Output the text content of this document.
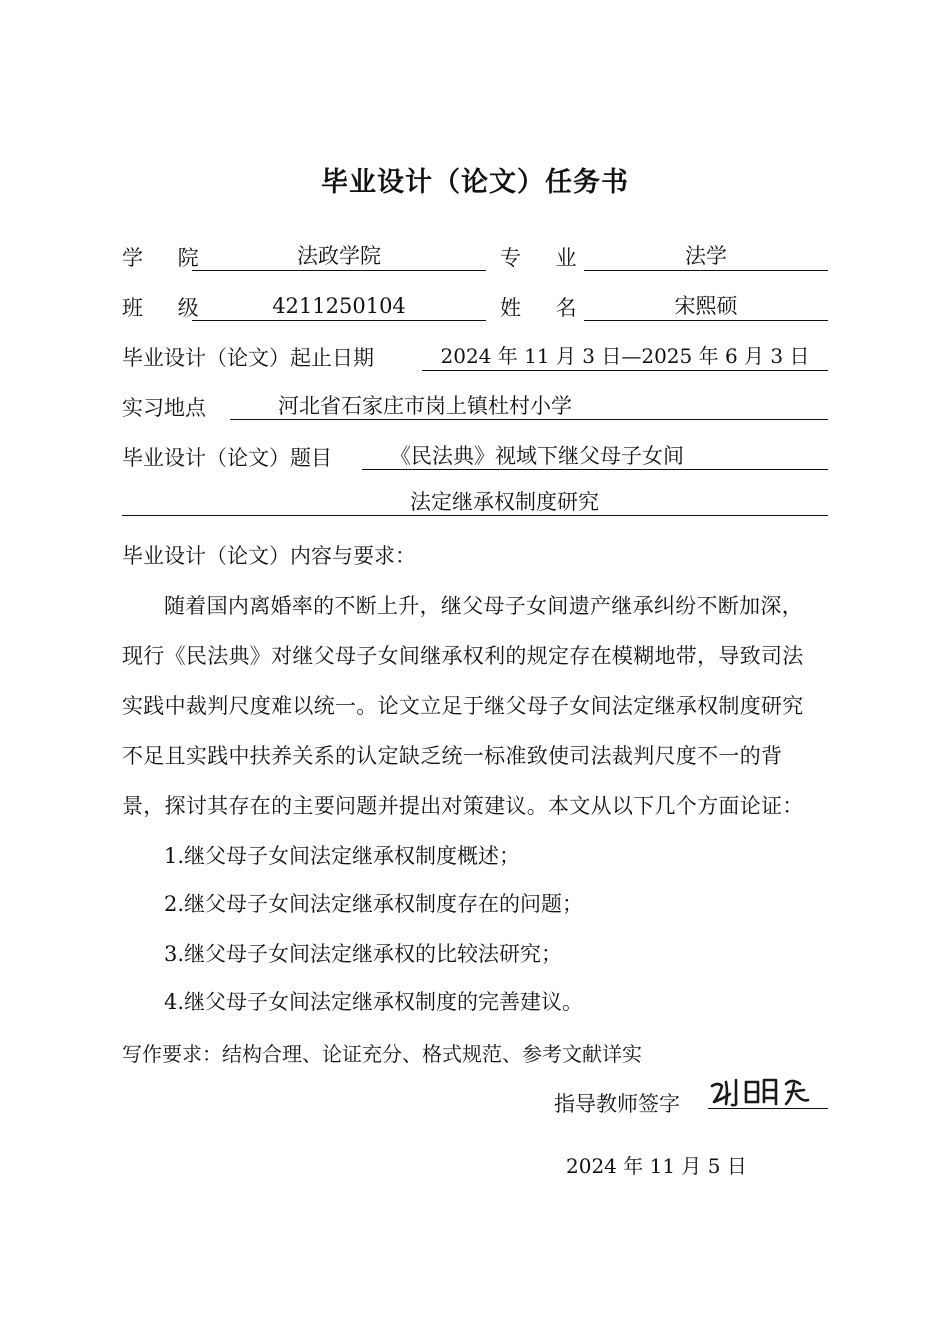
毕业设计（论文）任务书
学 院	法政学院	专 业	法学
班 级	4211250104	姓 名	宋熙硕
毕业设计（论文）起止日期	2024 年 11 月 3 日—2025 年 6 月 3 日
实习地点	河北省石家庄市岗上镇杜村小学
毕业设计（论文）题目	《民法典》视域下继父母子女间
法定继承权制度研究
毕业设计（论文）内容与要求：
随着国内离婚率的不断上升，继父母子女间遗产继承纠纷不断加深，
现行《民法典》对继父母子女间继承权利的规定存在模糊地带，导致司法
实践中裁判尺度难以统一。论文立足于继父母子女间法定继承权制度研究
不足且实践中扶养关系的认定缺乏统一标准致使司法裁判尺度不一的背
景，探讨其存在的主要问题并提出对策建议。本文从以下几个方面论证：
1.继父母子女间法定继承权制度概述；
2.继父母子女间法定继承权制度存在的问题；
3.继父母子女间法定继承权的比较法研究；
4.继父母子女间法定继承权制度的完善建议。
写作要求：结构合理、论证充分、格式规范、参考文献详实
指导教师签字
2024 年 11 月 5 日
